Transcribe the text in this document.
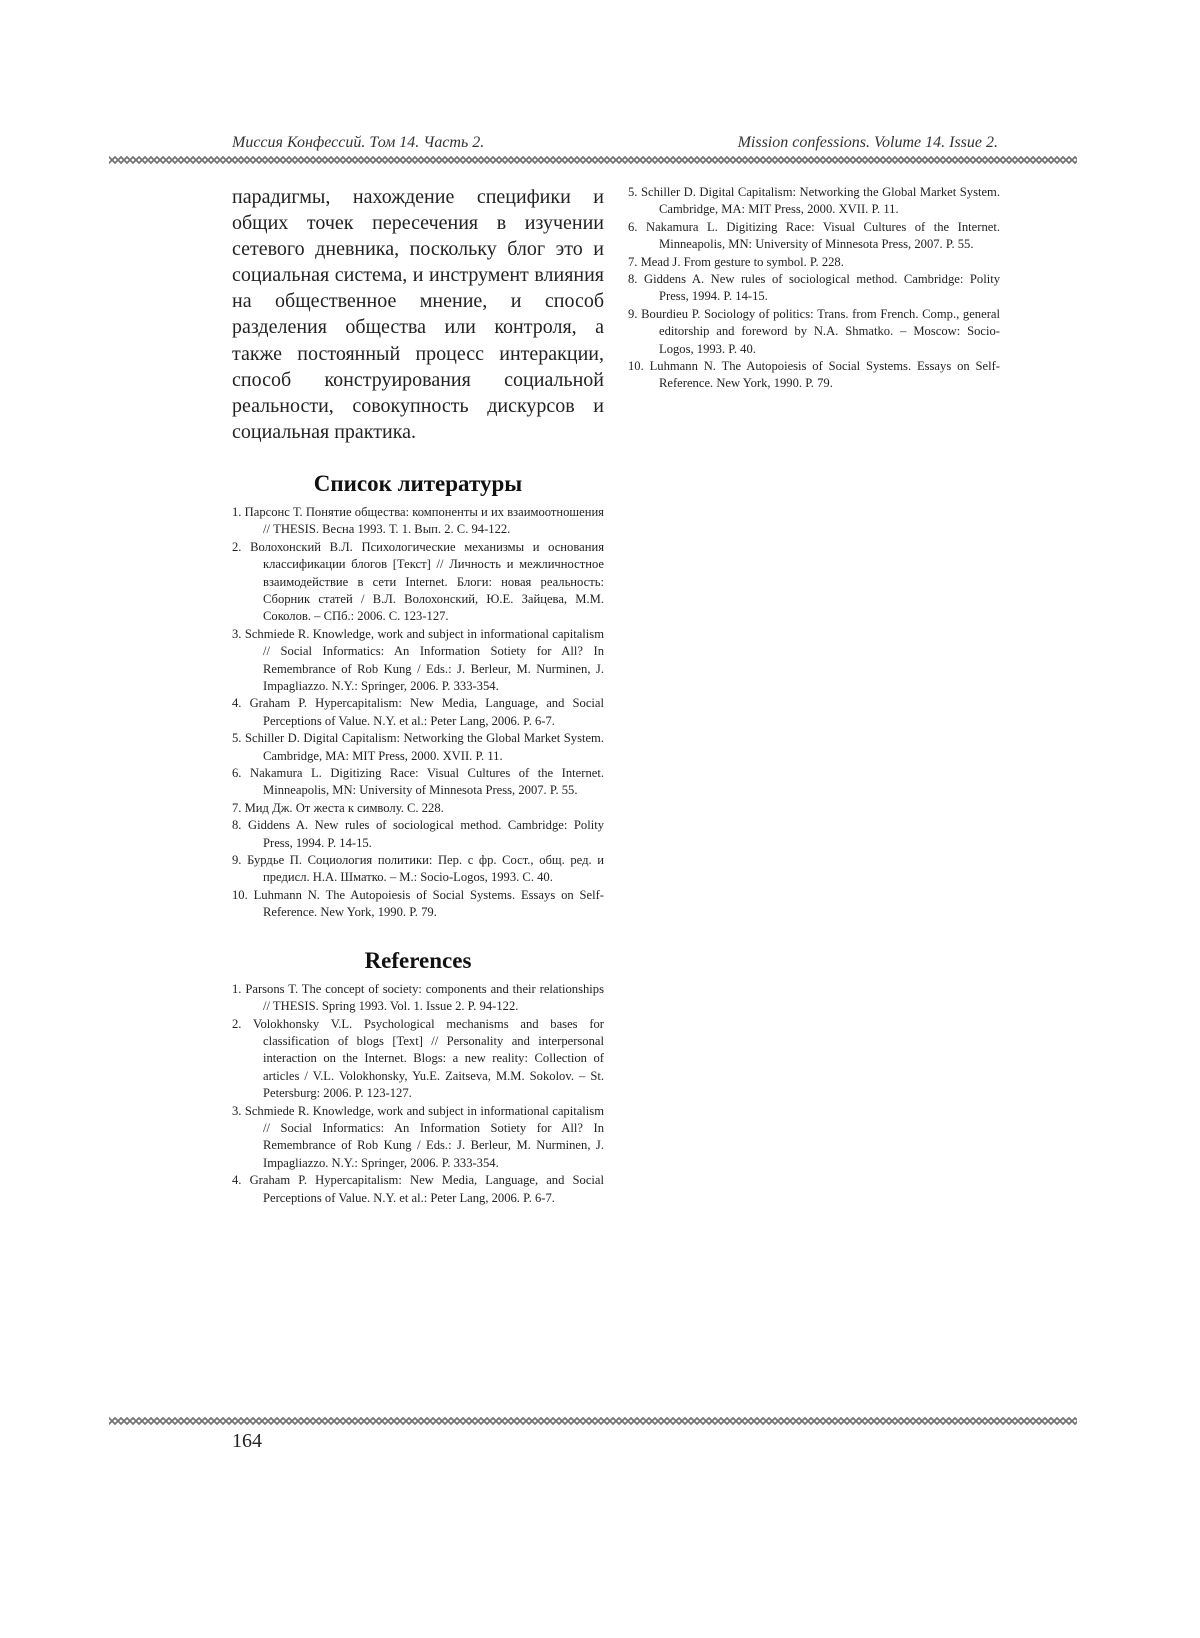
Миссия Конфессий. Том 14. Часть 2.	Mission confessions. Volume 14. Issue 2.

парадигмы, нахождение специфики и общих точек пересечения в изучении сетевого дневника, поскольку блог это и социальная система, и инструмент влияния на общественное мнение, и способ разделения общества или контроля, а также постоянный процесс интеракции, способ конструирования социальной реальности, совокупность дискурсов и социальная практика.

Список литературы
1. Парсонс Т. Понятие общества: компоненты и их взаимоотношения // THESIS. Весна 1993. Т. 1. Вып. 2. С. 94-122.
2. Волохонский В.Л. Психологические механизмы и основания классификации блогов [Текст] // Личность и межличностное взаимодействие в сети Internet. Блоги: новая реальность: Сборник статей / В.Л. Волохонский, Ю.Е. Зайцева, М.М. Соколов. – СПб.: 2006. С. 123-127.
3. Schmiede R. Knowledge, work and subject in informational capitalism // Social Informatics: An Information Sotiety for All? In Remembrance of Rob Kung / Eds.: J. Berleur, M. Nurminen, J. Impagliazzo. N.Y.: Springer, 2006. P. 333-354.
4. Graham P. Hypercapitalism: New Media, Language, and Social Perceptions of Value. N.Y. et al.: Peter Lang, 2006. P. 6-7.
5. Schiller D. Digital Capitalism: Networking the Global Market System. Cambridge, MA: MIT Press, 2000. XVII. P. 11.
6. Nakamura L. Digitizing Race: Visual Cultures of the Internet. Minneapolis, MN: University of Minnesota Press, 2007. P. 55.
7. Мид Дж. От жеста к символу. С. 228.
8. Giddens A. New rules of sociological method. Cambridge: Polity Press, 1994. P. 14-15.
9. Бурдье П. Социология политики: Пер. с фр. Сост., общ. ред. и предисл. Н.А. Шматко. – М.: Socio-Logos, 1993. С. 40.
10. Luhmann N. The Autopoiesis of Social Systems. Essays on Self-Reference. New York, 1990. P. 79.
References
1. Parsons T. The concept of society: components and their relationships // THESIS. Spring 1993. Vol. 1. Issue 2. P. 94-122.
2. Volokhonsky V.L. Psychological mechanisms and bases for classification of blogs [Text] // Personality and interpersonal interaction on the Internet. Blogs: a new reality: Collection of articles / V.L. Volokhonsky, Yu.E. Zaitseva, M.M. Sokolov. – St. Petersburg: 2006. P. 123-127.
3. Schmiede R. Knowledge, work and subject in informational capitalism // Social Informatics: An Information Sotiety for All? In Remembrance of Rob Kung / Eds.: J. Berleur, M. Nurminen, J. Impagliazzo. N.Y.: Springer, 2006. P. 333-354.
4. Graham P. Hypercapitalism: New Media, Language, and Social Perceptions of Value. N.Y. et al.: Peter Lang, 2006. P. 6-7.
5. Schiller D. Digital Capitalism: Networking the Global Market System. Cambridge, MA: MIT Press, 2000. XVII. P. 11.
6. Nakamura L. Digitizing Race: Visual Cultures of the Internet. Minneapolis, MN: University of Minnesota Press, 2007. P. 55.
7. Mead J. From gesture to symbol. P. 228.
8. Giddens A. New rules of sociological method. Cambridge: Polity Press, 1994. P. 14-15.
9. Bourdieu P. Sociology of politics: Trans. from French. Comp., general editorship and foreword by N.A. Shmatko. – Moscow: Socio-Logos, 1993. P. 40.
10. Luhmann N. The Autopoiesis of Social Systems. Essays on Self-Reference. New York, 1990. P. 79.
164
